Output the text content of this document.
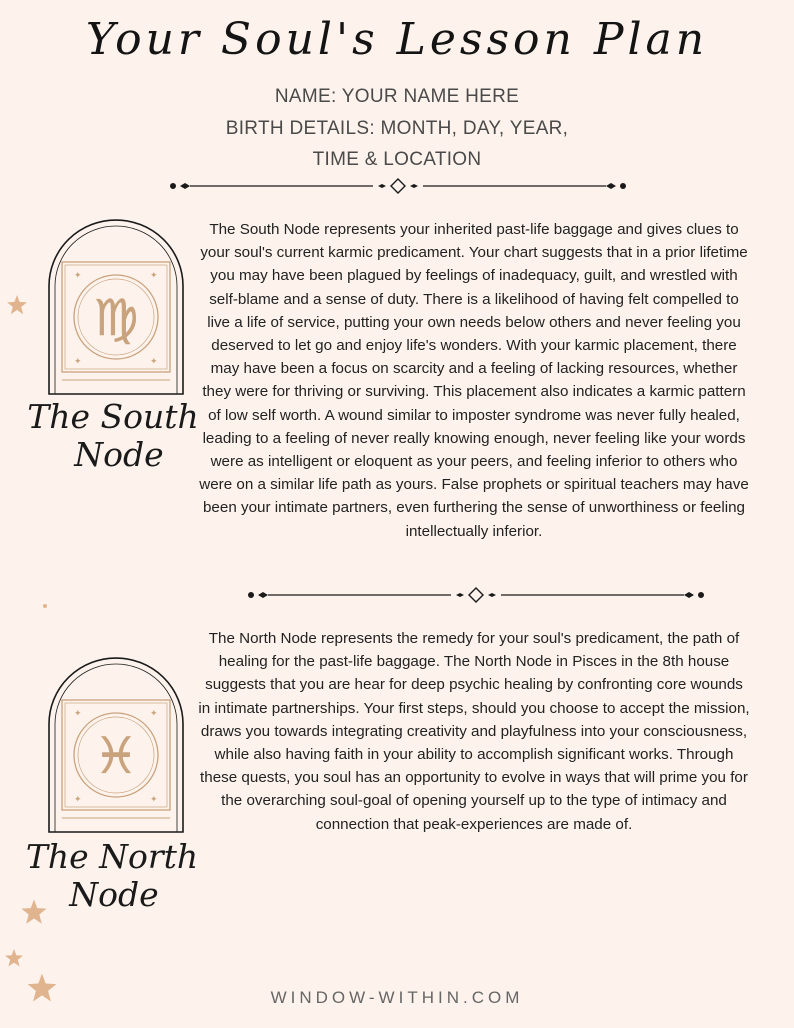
Your Soul's Lesson Plan
NAME: YOUR NAME HERE
BIRTH DETAILS: MONTH, DAY, YEAR,
TIME & LOCATION
✦	✦
✦	✦
♍
The South
Node

The South Node represents your inherited past-life baggage and gives clues to your soul's current karmic predicament. Your chart suggests that in a prior lifetime you may have been plagued by feelings of inadequacy, guilt, and wrestled with self-blame and a sense of duty. There is a likelihood of having felt compelled to live a life of service, putting your own needs below others and never feeling you deserved to let go and enjoy life's wonders. With your karmic placement, there may have been a focus on scarcity and a feeling of lacking resources, whether they were for thriving or surviving. This placement also indicates a karmic pattern of low self worth. A wound similar to imposter syndrome was never fully healed, leading to a feeling of never really knowing enough, never feeling like your words were as intelligent or eloquent as your peers, and feeling inferior to others who were on a similar life path as yours. False prophets or spiritual teachers may have been your intimate partners, even furthering the sense of unworthiness or feeling intellectually inferior.

✦	✦
✦	✦
♓
The North
Node

The North Node represents the remedy for your soul's predicament, the path of healing for the past-life baggage. The North Node in Pisces in the 8th house suggests that you are hear for deep psychic healing by confronting core wounds in intimate partnerships. Your first steps, should you choose to accept the mission, draws you towards integrating creativity and playfulness into your consciousness, while also having faith in your ability to accomplish significant works. Through these quests, you soul has an opportunity to evolve in ways that will prime you for the overarching soul-goal of opening yourself up to the type of intimacy and connection that peak-experiences are made of.

WINDOW-WITHIN.COM
